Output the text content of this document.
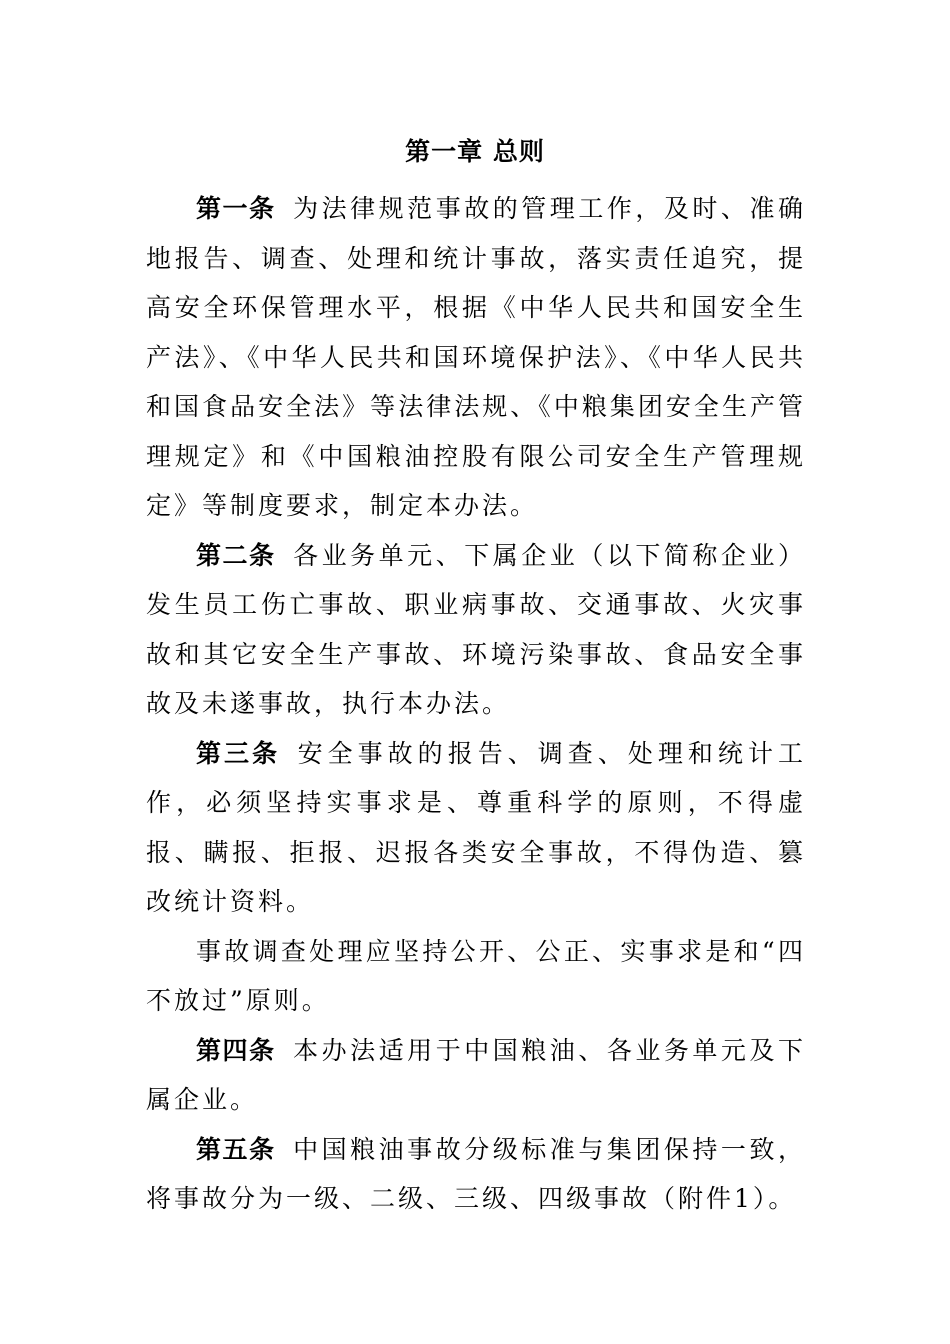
第一章 总则

第一条 为法律规范事故的管理工作，及时、准确地报告、调查、处理和统计事故，落实责任追究，提高安全环保管理水平，根据《中华人民共和国安全生产法》、《中华人民共和国环境保护法》、《中华人民共和国食品安全法》等法律法规、《中粮集团安全生产管理规定》和《中国粮油控股有限公司安全生产管理规定》等制度要求，制定本办法。

第二条 各业务单元、下属企业（以下简称企业）发生员工伤亡事故、职业病事故、交通事故、火灾事故和其它安全生产事故、环境污染事故、食品安全事故及未遂事故，执行本办法。

第三条 安全事故的报告、调查、处理和统计工作，必须坚持实事求是、尊重科学的原则，不得虚报、瞒报、拒报、迟报各类安全事故，不得伪造、篡改统计资料。

事故调查处理应坚持公开、公正、实事求是和“四不放过”原则。

第四条 本办法适用于中国粮油、各业务单元及下属企业。

第五条 中国粮油事故分级标准与集团保持一致，将事故分为一级、二级、三级、四级事故（附件1）。
